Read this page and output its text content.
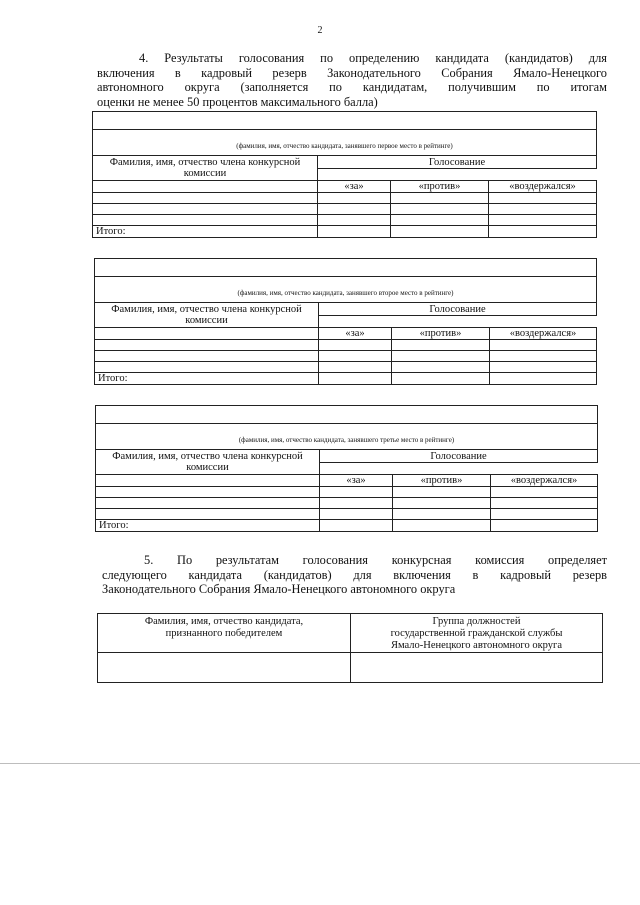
2
4. Результаты голосования по определению кандидата (кандидатов) для
включения в кадровый резерв Законодательного Собрания Ямало-Ненецкого
автономного округа (заполняется по кандидатам, получившим по итогам
оценки не менее 50 процентов максимального балла)

(фамилия, имя, отчество кандидата, занявшего первое место в рейтинге)			
Фамилия, имя, отчество члена конкурсной комиссии	Голосование		

	«за»	«против»	«воздержался»

Итого:			

(фамилия, имя, отчество кандидата, занявшего второе место в рейтинге)			
Фамилия, имя, отчество члена конкурсной комиссии	Голосование		

	«за»	«против»	«воздержался»

Итого:			

(фамилия, имя, отчество кандидата, занявшего третье место в рейтинге)			
Фамилия, имя, отчество члена конкурсной комиссии	Голосование		

	«за»	«против»	«воздержался»

Итого:			
5. По результатам голосования конкурсная комиссия определяет
следующего кандидата (кандидатов) для включения в кадровый резерв
Законодательного Собрания Ямало-Ненецкого автономного округа
Фамилия, имя, отчество кандидата,
признанного победителем	Группа должностей
государственной гражданской службы
Ямало-Ненецкого автономного округа
